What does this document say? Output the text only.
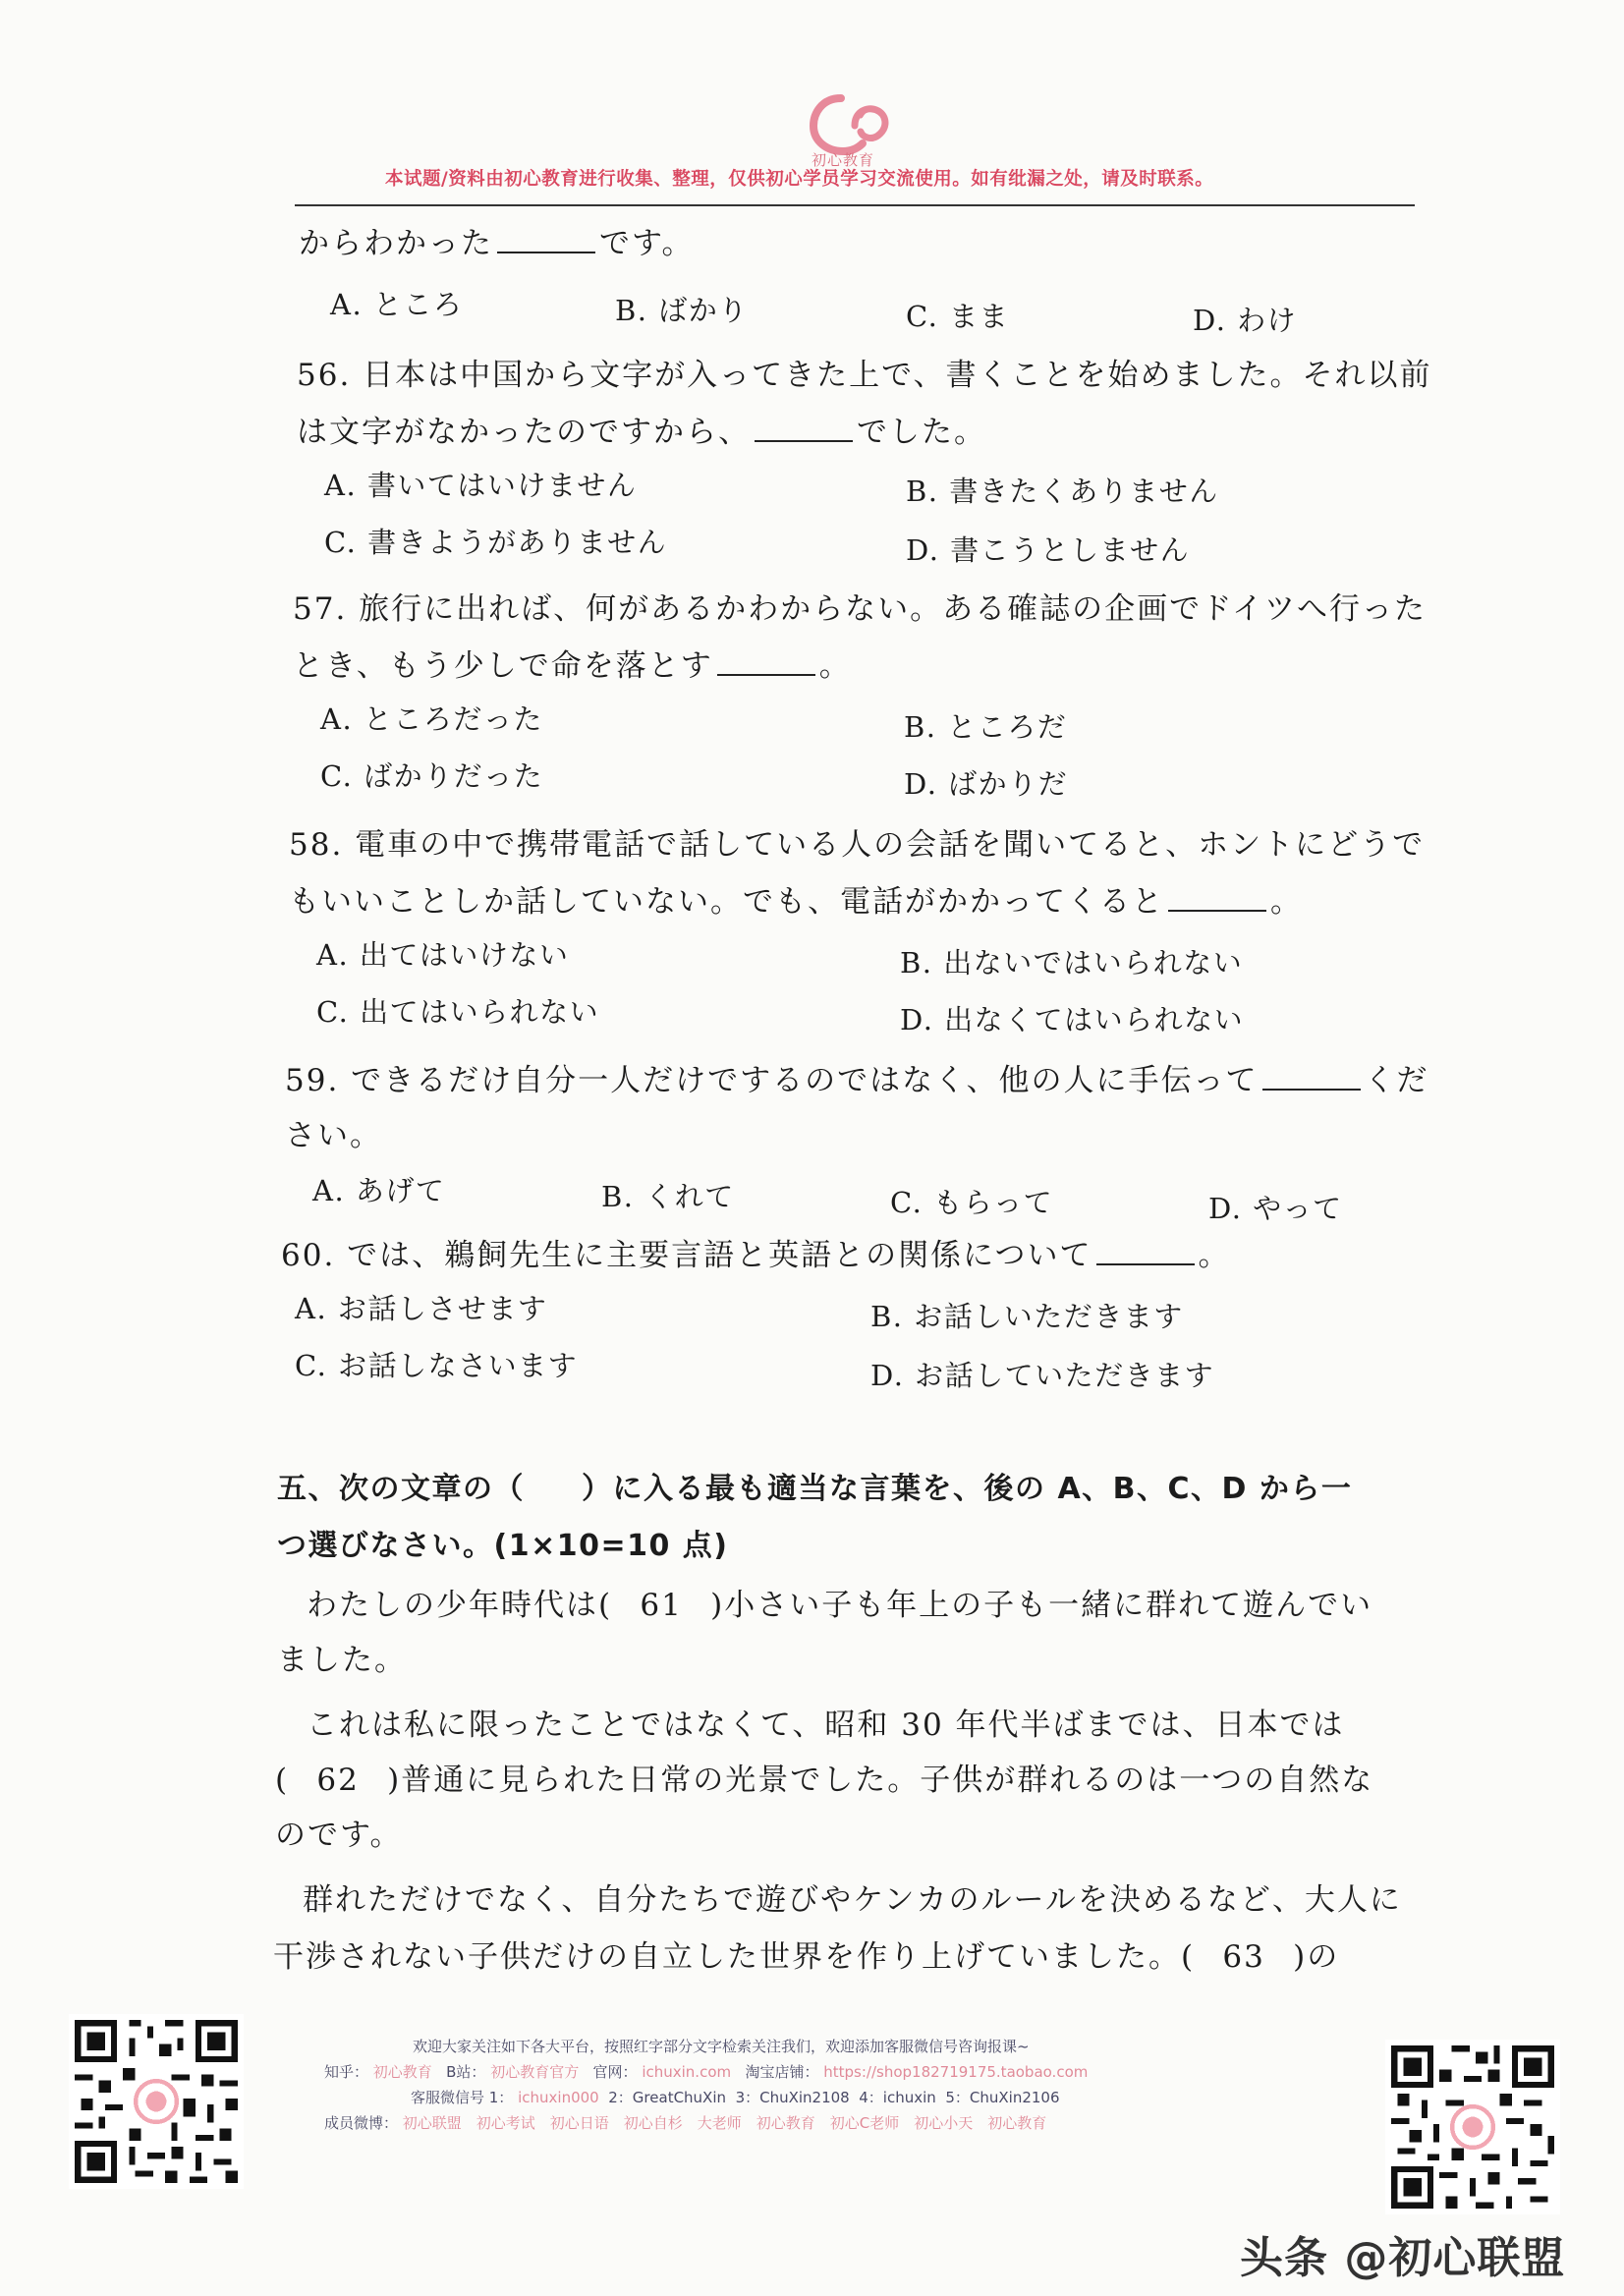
初心教育
本试题/资料由初心教育进行收集、整理，仅供初心学员学习交流使用。如有纰漏之处，请及时联系。
からわかった	です。
A. ところ	B. ばかり	C. まま	D. わけ
56. 日本は中国から文字が入ってきた上で、書くことを始めました。それ以前
は文字がなかったのですから、	でした。
A. 書いてはいけません	B. 書きたくありません
C. 書きようがありません	D. 書こうとしません
57. 旅行に出れば、何があるかわからない。ある確誌の企画でドイツへ行った
とき、もう少しで命を落とす	。
A. ところだった	B. ところだ
C. ばかりだった	D. ばかりだ
58. 電車の中で携帯電話で話している人の会話を聞いてると、ホントにどうで
もいいことしか話していない。でも、電話がかかってくると	。
A. 出てはいけない	B. 出ないではいられない
C. 出てはいられない	D. 出なくてはいられない
59. できるだけ自分一人だけでするのではなく、他の人に手伝って	くだ
さい。
A. あげて	B. くれて	C. もらって	D. やって
60. では、鵜飼先生に主要言語と英語との関係について	。
A. お話しさせます	B. お話しいただきます
C. お話しなさいます	D. お話していただきます
五、次の文章の（ ）に入る最も適当な言葉を、後の A、B、C、D から一
つ選びなさい。(1×10=10 点)
わたしの少年時代は( 61 )小さい子も年上の子も一緒に群れて遊んでい
ました。
これは私に限ったことではなくて、昭和 30 年代半ばまでは、日本では
( 62 )普通に見られた日常の光景でした。子供が群れるのは一つの自然な
のです。
群れただけでなく、自分たちで遊びやケンカのルールを決めるなど、大人に
干渉されない子供だけの自立した世界を作り上げていました。( 63 )の
欢迎大家关注如下各大平台，按照红字部分文字检索关注我们，欢迎添加客服微信号咨询报课~
知乎： 初心教育 B站： 初心教育官方 官网： ichuxin.com 淘宝店铺： https://shop182719175.taobao.com
客服微信号 1： ichuxin000 2：GreatChuXin 3：ChuXin2108 4：ichuxin 5：ChuXin2106
成员微博： 初心联盟　初心考试　初心日语　初心自杉　大老师　初心教育　初心C老师　初心小天　初心教育
头条 @初心联盟
